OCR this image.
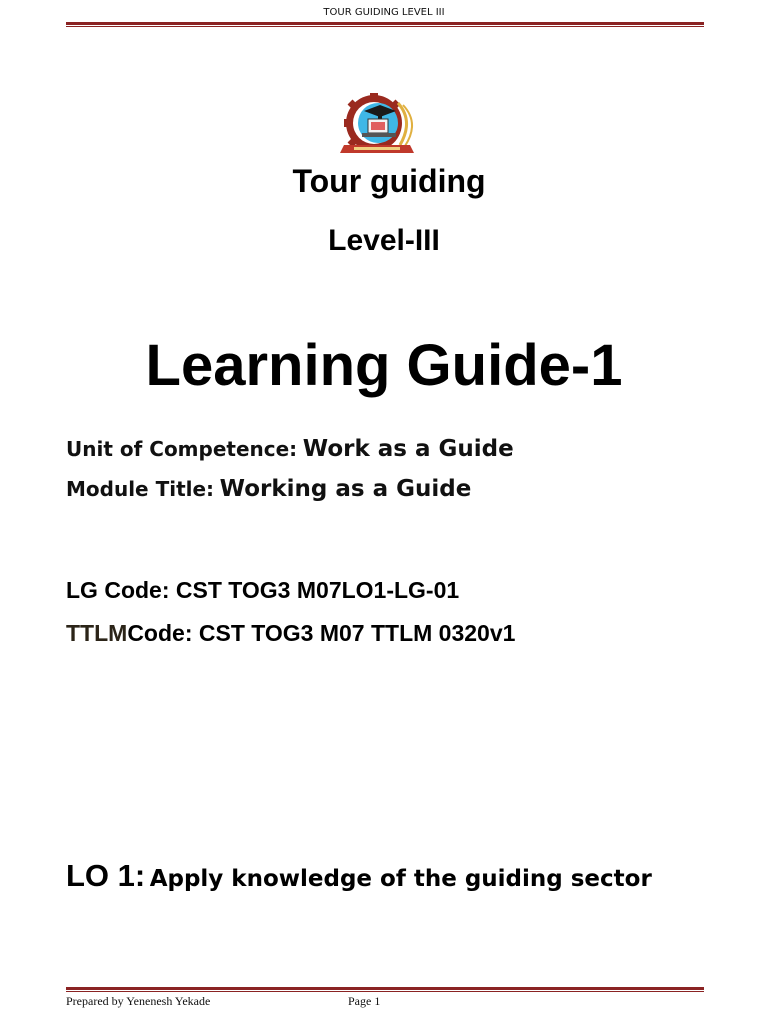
TOUR GUIDING LEVEL III
Tour guiding
Level-III
Learning Guide-1
Unit of Competence: Work as a Guide
Module Title: Working as a Guide
LG Code: CST TOG3 M07LO1-LG-01
TTLMCode: CST TOG3 M07 TTLM 0320v1
LO 1: Apply knowledge of the guiding sector
Prepared by Yenenesh Yekade	Page 1
